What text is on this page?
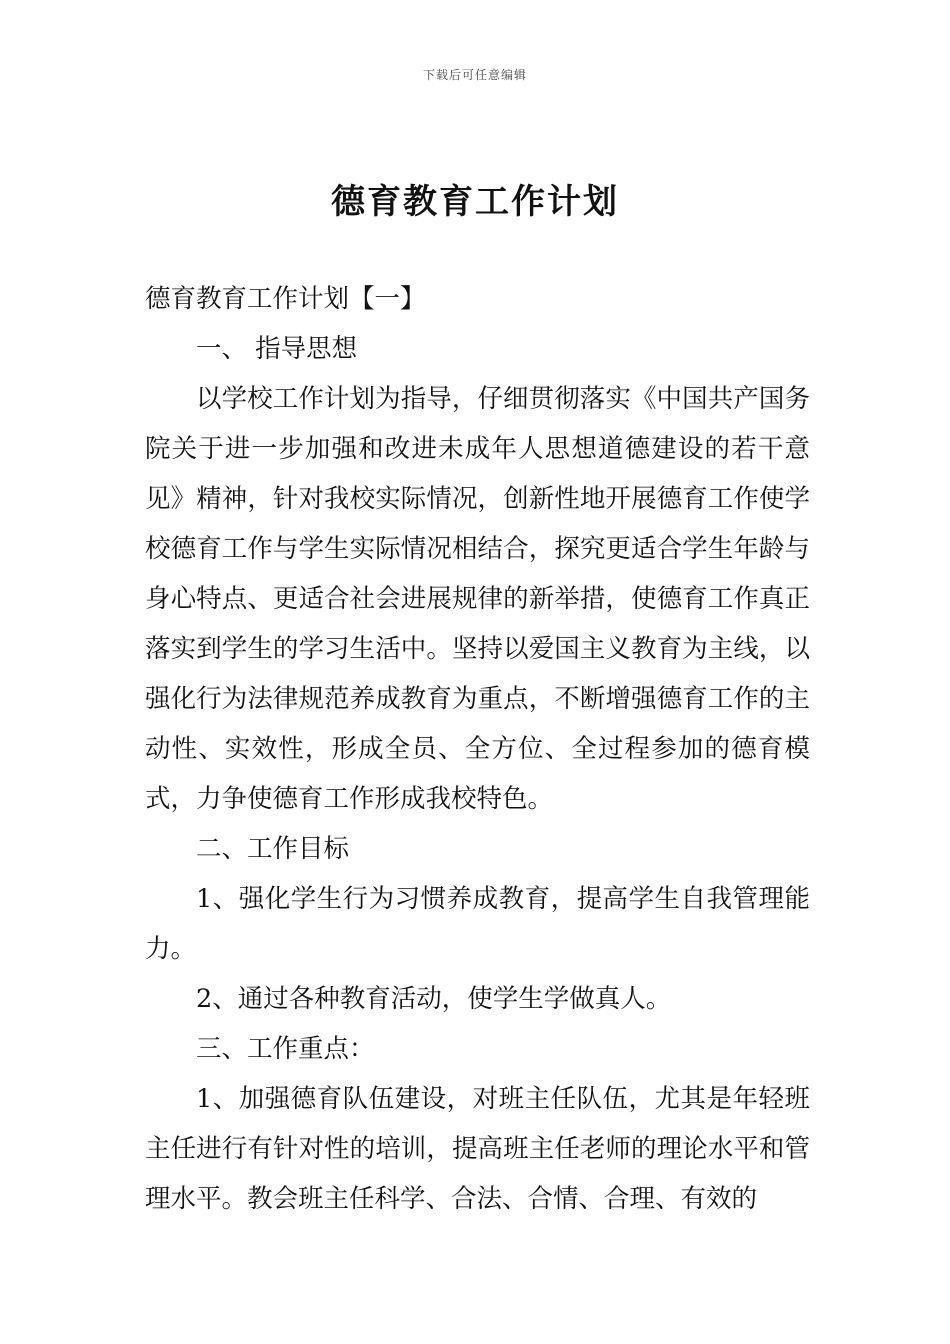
下载后可任意编辑
德育教育工作计划

德育教育工作计划【一】

一、 指导思想

以学校工作计划为指导，仔细贯彻落实《中国共产国务院关于进一步加强和改进未成年人思想道德建设的若干意见》精神，针对我校实际情况，创新性地开展德育工作使学校德育工作与学生实际情况相结合，探究更适合学生年龄与身心特点、更适合社会进展规律的新举措，使德育工作真正落实到学生的学习生活中。坚持以爱国主义教育为主线，以强化行为法律规范养成教育为重点，不断增强德育工作的主动性、实效性，形成全员、全方位、全过程参加的德育模式，力争使德育工作形成我校特色。

二、工作目标

1、强化学生行为习惯养成教育，提高学生自我管理能力。

2、通过各种教育活动，使学生学做真人。

三、工作重点：

1、加强德育队伍建设，对班主任队伍，尤其是年轻班主任进行有针对性的培训，提高班主任老师的理论水平和管理水平。教会班主任科学、合法、合情、合理、有效的
